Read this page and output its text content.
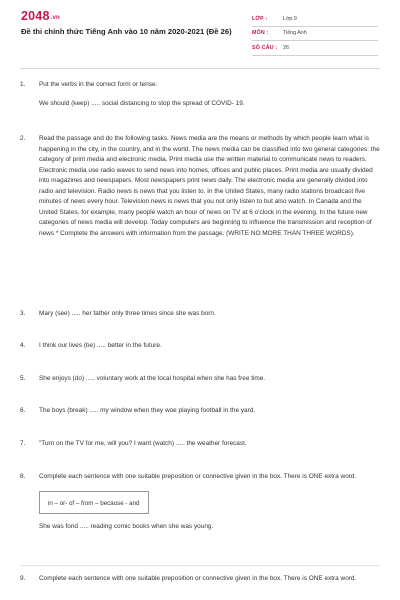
2048.vn
Đề thi chính thức Tiếng Anh vào 10 năm 2020-2021 (Đề 26)
LỚP :	Lớp 9
MÔN :	Tiếng Anh
SỐ CÂU :	26
1.	Put the verbs in the correct form or tense.

We should (keep) ..... social distancing to stop the spread of COVID- 19.

2.	Read the passage and do the following tasks. News media are the means or methods by which people learn what is happening in the city, in the country, and in the world. The news media can be classified into two general categories: the category of print media and electronic media. Print media use the written material to communicate news to readers. Electronic media use radio waves to send news into homes, offices and public places. Print media are usually divided into magazines and newspapers. Most newspapers print news daily. The electronic media are generally divided into radio and television. Radio news is news that you listen to. In the United States, many radio stations broadcast five minutes of news every hour. Television news is news that you not only listen to but also watch. In Canada and the United States, for example, many people watch an hour of news on TV at 6 o'clock in the evening. In the future new categories of news media will develop. Today computers are beginning to influence the transmission and reception of news * Complete the answers with information from the passage. (WRITE NO MORE THAN THREE WORDS).

3.	Mary (see) ..... her father only three times since she was born.

4.	I think our lives (be) ..... better in the future.

5.	She enjoys (do) ..... voluntary work at the local hospital when she has free time.

6.	The boys (break) ..... my window when they woe playing football in the yard.

7.	"Turn on the TV for me, will you? I want (watch) ..... the weather forecast.

8.	Complete each sentence with one suitable preposition or connective given in the box. There is ONE extra word.

in – or- of – from – because - and

She was fond ..... reading comic books when she was young.

9.	Complete each sentence with one suitable preposition or connective given in the box. There is ONE extra word.
